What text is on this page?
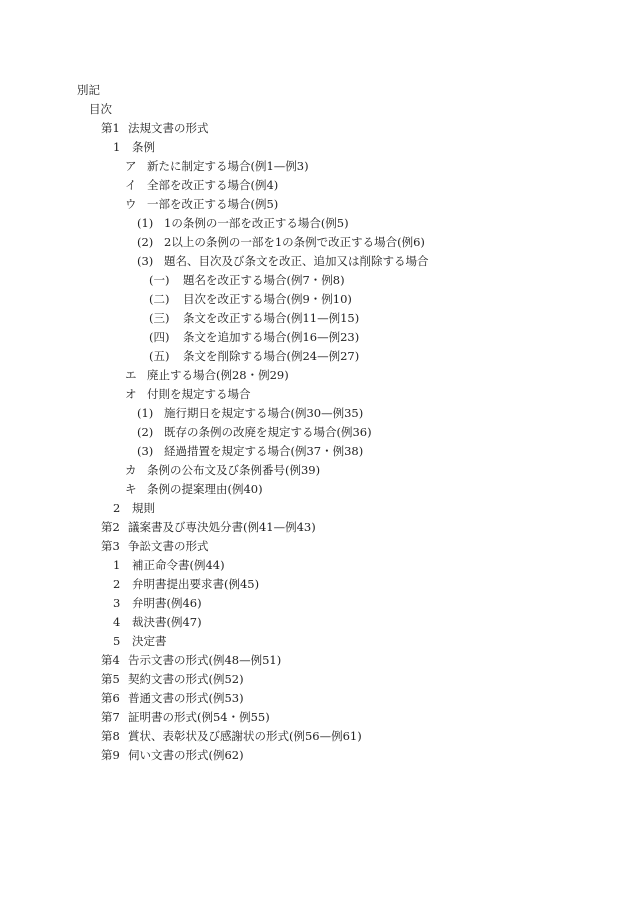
別記
目次
第1 法規文書の形式
1 条例
ア 新たに制定する場合(例1—例3)
イ 全部を改正する場合(例4)
ウ 一部を改正する場合(例5)
(1) 1の条例の一部を改正する場合(例5)
(2) 2以上の条例の一部を1の条例で改正する場合(例6)
(3) 題名、目次及び条文を改正、追加又は削除する場合
(一) 題名を改正する場合(例7・例8)
(二) 目次を改正する場合(例9・例10)
(三) 条文を改正する場合(例11—例15)
(四) 条文を追加する場合(例16—例23)
(五) 条文を削除する場合(例24—例27)
エ 廃止する場合(例28・例29)
オ 付則を規定する場合
(1) 施行期日を規定する場合(例30—例35)
(2) 既存の条例の改廃を規定する場合(例36)
(3) 経過措置を規定する場合(例37・例38)
カ 条例の公布文及び条例番号(例39)
キ 条例の提案理由(例40)
2 規則
第2 議案書及び専決処分書(例41—例43)
第3 争訟文書の形式
1 補正命令書(例44)
2 弁明書提出要求書(例45)
3 弁明書(例46)
4 裁決書(例47)
5 決定書
第4 告示文書の形式(例48—例51)
第5 契約文書の形式(例52)
第6 普通文書の形式(例53)
第7 証明書の形式(例54・例55)
第8 賞状、表彰状及び感謝状の形式(例56—例61)
第9 伺い文書の形式(例62)
